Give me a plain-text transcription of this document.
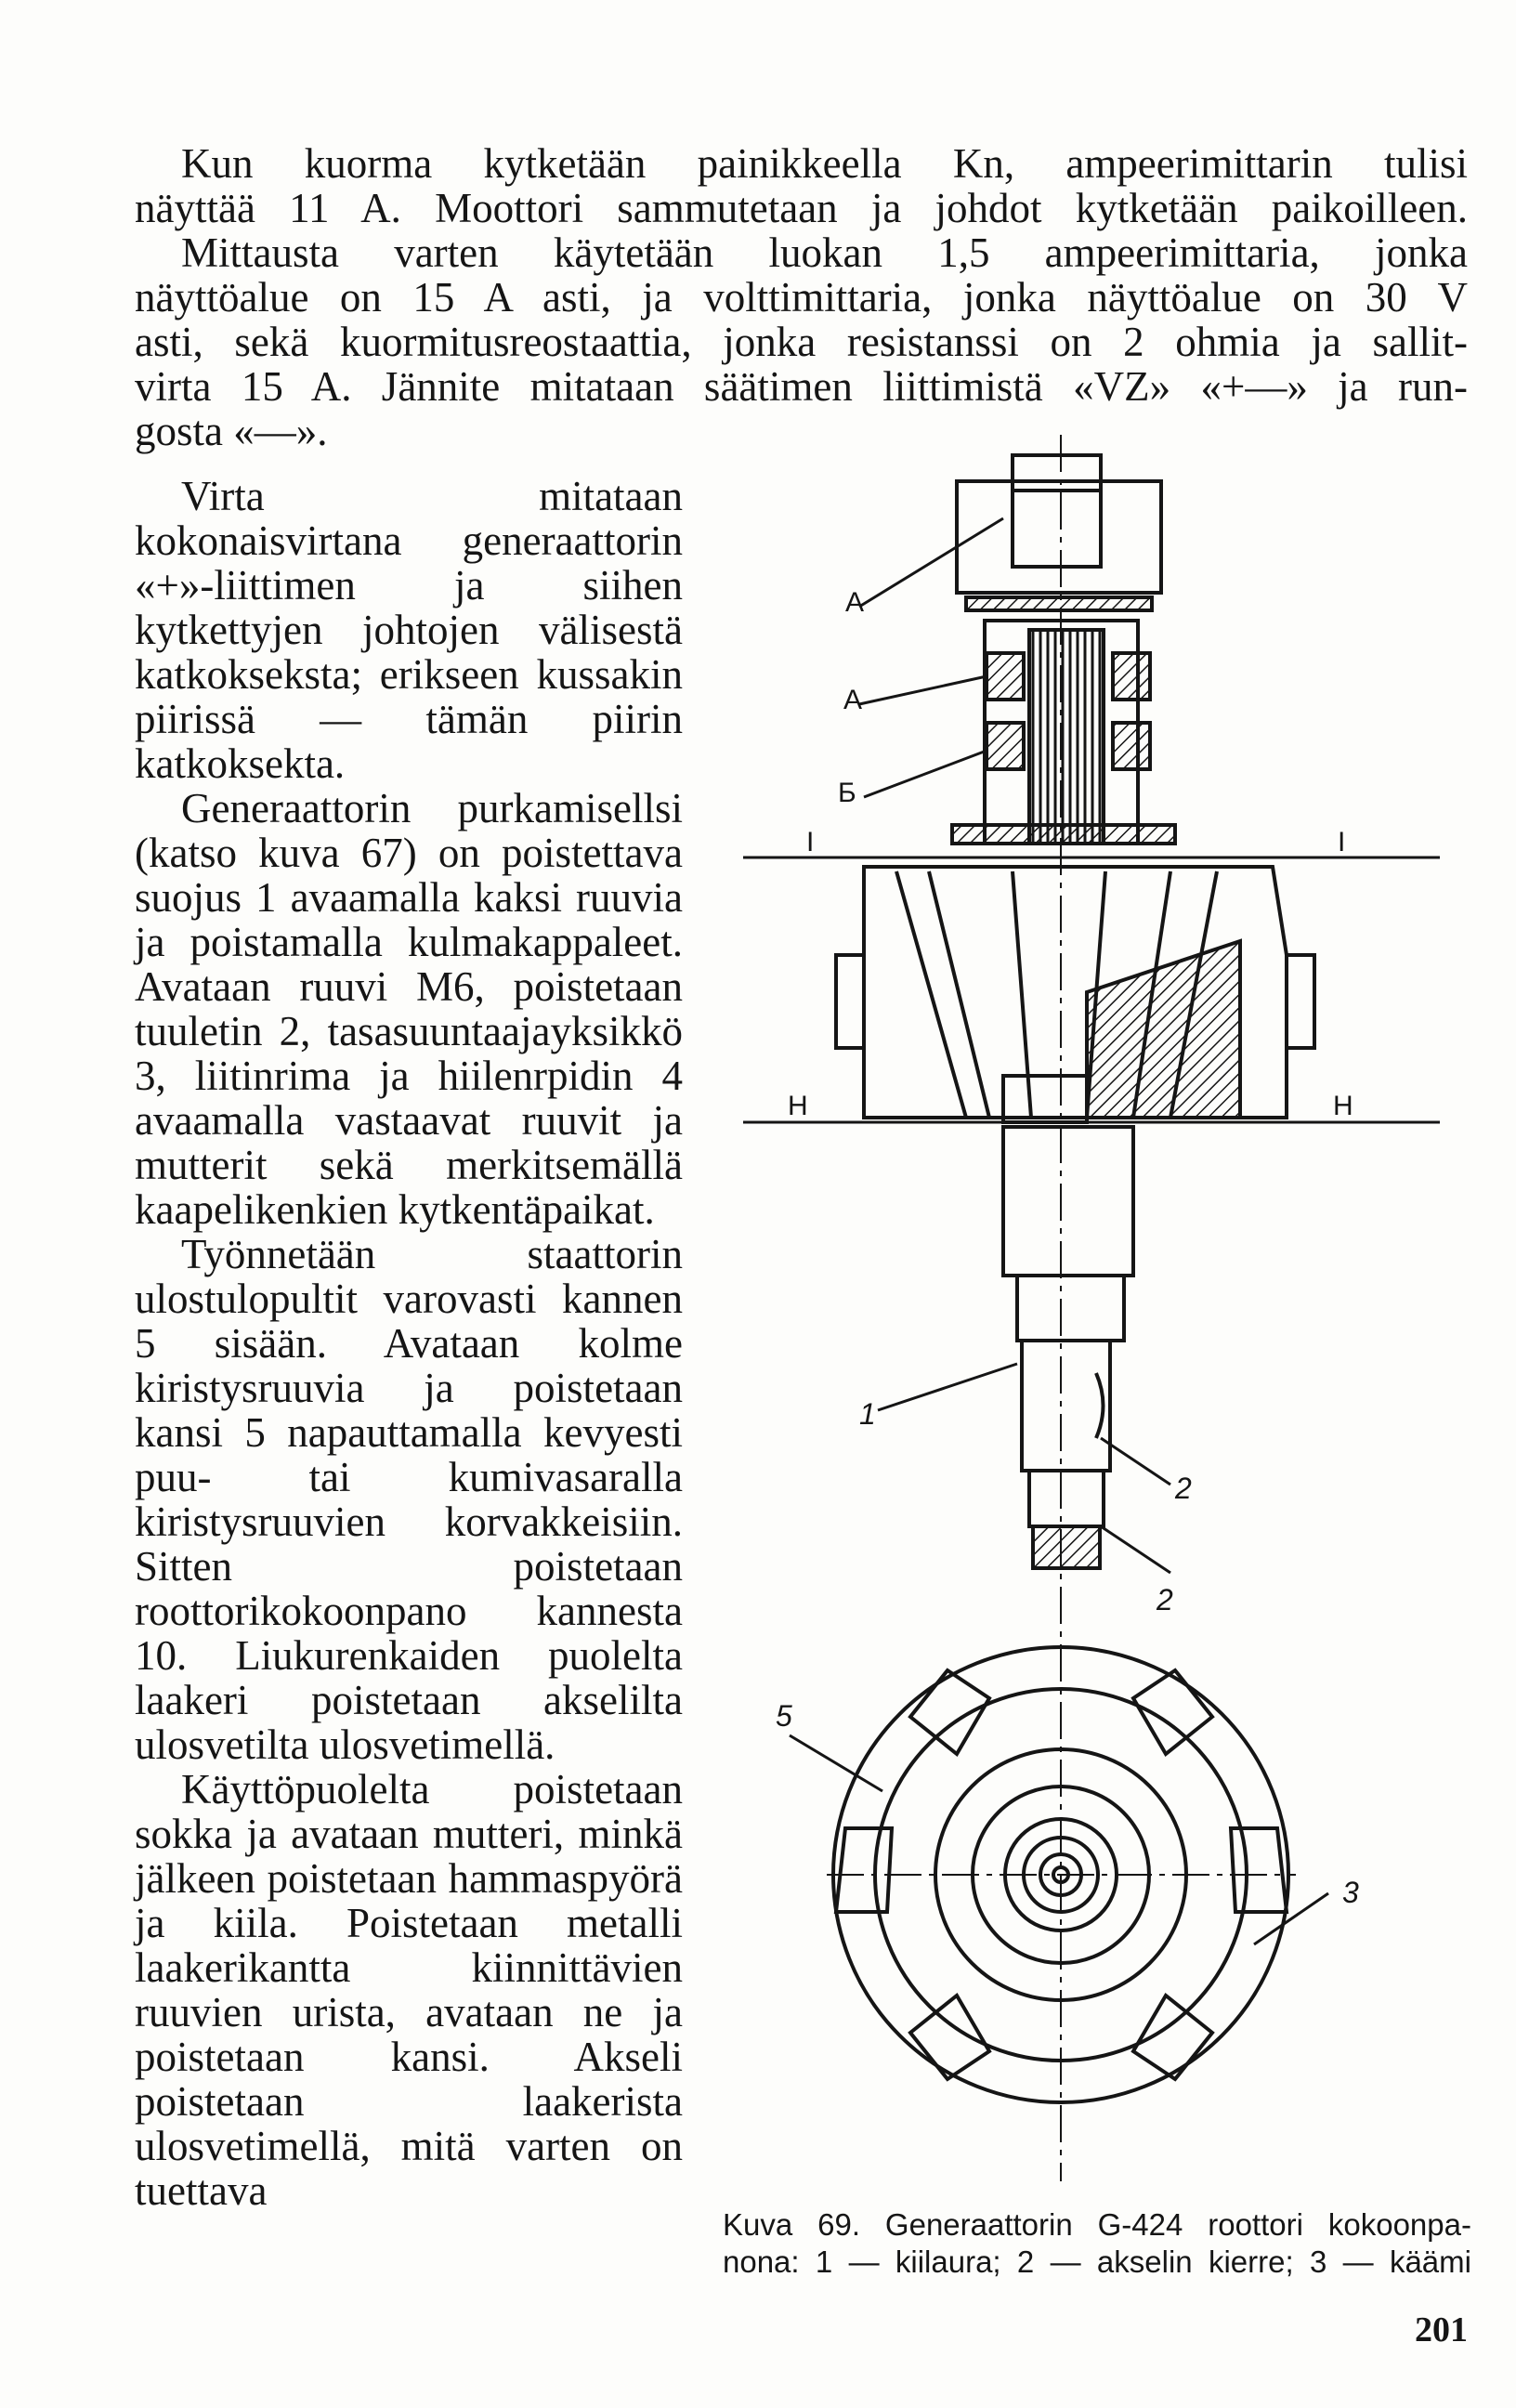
Kun kuorma kytketään painikkeella Kn, ampeerimittarin tulisi
näyttää 11 A. Moottori sammutetaan ja johdot kytketään paikoilleen.
Mittausta varten käytetään luokan 1,5 ampeerimittaria, jonka
näyttöalue on 15 A asti, ja volttimittaria, jonka näyttöalue on 30 V
asti, sekä kuormitusreostaattia, jonka resistanssi on 2 ohmia ja sallit-
virta 15 A. Jännite mitataan säätimen liittimistä «VZ» «+—» ja run-
gosta «—».

Virta mitataan kokonaisvirtana generaattorin «+»-liittimen ja siihen kytkettyjen johtojen välisestä katkoksekstа; erikseen kussakin piirissä — tämän piirin katkoksekta.

Generaattorin purkamisellsi (katso kuva 67) on poistettava suojus 1 avaamalla kaksi ruuvia ja poistamalla kulmakappaleet. Avataan ruuvi M6, poistetaan tuuletin 2, tasasuuntaajayksikkö 3, liitinrima ja hiilenrpidin 4 avaamalla vastaavat ruuvit ja mutterit sekä merkitsemällä kaapelikenkien kytkentäpaikat.

Työnnetään staattorin ulostulopultit varovasti kannen 5 sisään. Avataan kolme kiristysruuvia ja poistetaan kansi 5 napauttamalla kevyesti puu- tai kumivasaralla kiristysruuvien korvakkeisiin. Sitten poistetaan roottorikokoonpano kannesta 10. Liukurenkaiden puolelta laakeri poistetaan akselilta ulosvetilta ulosvetimellä.

Käyttöpuolelta poistetaan sokka ja avataan mutteri, minkä jälkeen poistetaan hammaspyörä ja kiila. Poistetaan metalli laakerikantta kiinnittävien ruuvien urista, avataan ne ja poistetaan kansi. Akseli poistetaan laakerista ulosvetimellä, mitä varten on tuettava

A
A
Б
I	I
H	H
1
2
2
5
3
Kuva 69. Generaattorin G-424 roottori kokoonpa-
nona: 1 — kiilaura; 2 — akselin kierre; 3 — käämi
201
